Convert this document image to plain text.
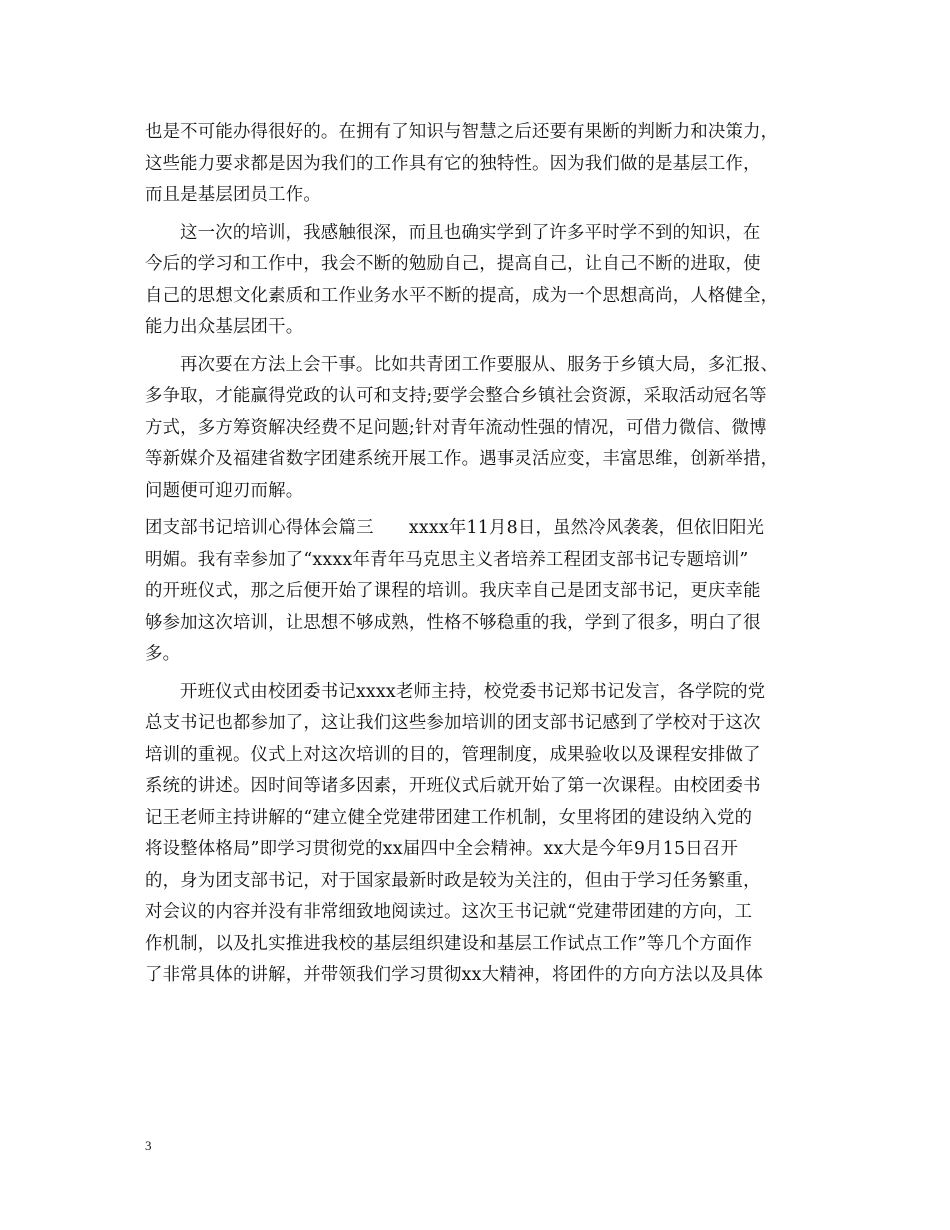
也是不可能办得很好的。在拥有了知识与智慧之后还要有果断的判断力和决策力，
这些能力要求都是因为我们的工作具有它的独特性。因为我们做的是基层工作，
而且是基层团员工作。
这一次的培训，我感触很深，而且也确实学到了许多平时学不到的知识，在
今后的学习和工作中，我会不断的勉励自己，提高自己，让自己不断的进取，使
自己的思想文化素质和工作业务水平不断的提高，成为一个思想高尚，人格健全，
能力出众基层团干。
再次要在方法上会干事。比如共青团工作要服从、服务于乡镇大局，多汇报、
多争取，才能赢得党政的认可和支持;要学会整合乡镇社会资源，采取活动冠名等
方式，多方筹资解决经费不足问题;针对青年流动性强的情况，可借力微信、微博
等新媒介及福建省数字团建系统开展工作。遇事灵活应变，丰富思维，创新举措，
问题便可迎刃而解。
团支部书记培训心得体会篇三　　xxxx年11月8日，虽然冷风袭袭，但依旧阳光
明媚。我有幸参加了“xxxx年青年马克思主义者培养工程团支部书记专题培训”
的开班仪式，那之后便开始了课程的培训。我庆幸自己是团支部书记，更庆幸能
够参加这次培训，让思想不够成熟，性格不够稳重的我，学到了很多，明白了很
多。
开班仪式由校团委书记xxxx老师主持，校党委书记郑书记发言，各学院的党
总支书记也都参加了，这让我们这些参加培训的团支部书记感到了学校对于这次
培训的重视。仪式上对这次培训的目的，管理制度，成果验收以及课程安排做了
系统的讲述。因时间等诸多因素，开班仪式后就开始了第一次课程。由校团委书
记王老师主持讲解的“建立健全党建带团建工作机制，女里将团的建设纳入党的
将设整体格局”即学习贯彻党的xx届四中全会精神。xx大是今年9月15日召开
的，身为团支部书记，对于国家最新时政是较为关注的，但由于学习任务繁重，
对会议的内容并没有非常细致地阅读过。这次王书记就“党建带团建的方向，工
作机制，以及扎实推进我校的基层组织建设和基层工作试点工作”等几个方面作
了非常具体的讲解，并带领我们学习贯彻xx大精神，将团件的方向方法以及具体
3
